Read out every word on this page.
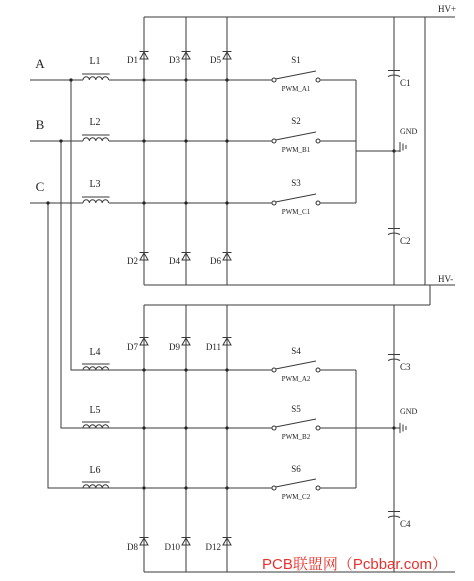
HV+
HV-
A	L1
B	L2
C	L3
D1
D2
D3
D4
D5
D6
S1
PWM_A1
S2
PWM_B1
S3
PWM_C1
C1
C2
GND
L4
L5
L6
D7
D8
D9
D10
D11
D12
S4
PWM_A2
S5
PWM_B2
S6
PWM_C2
C3
C4
GND
PCB联盟网（Pcbbar.com）
